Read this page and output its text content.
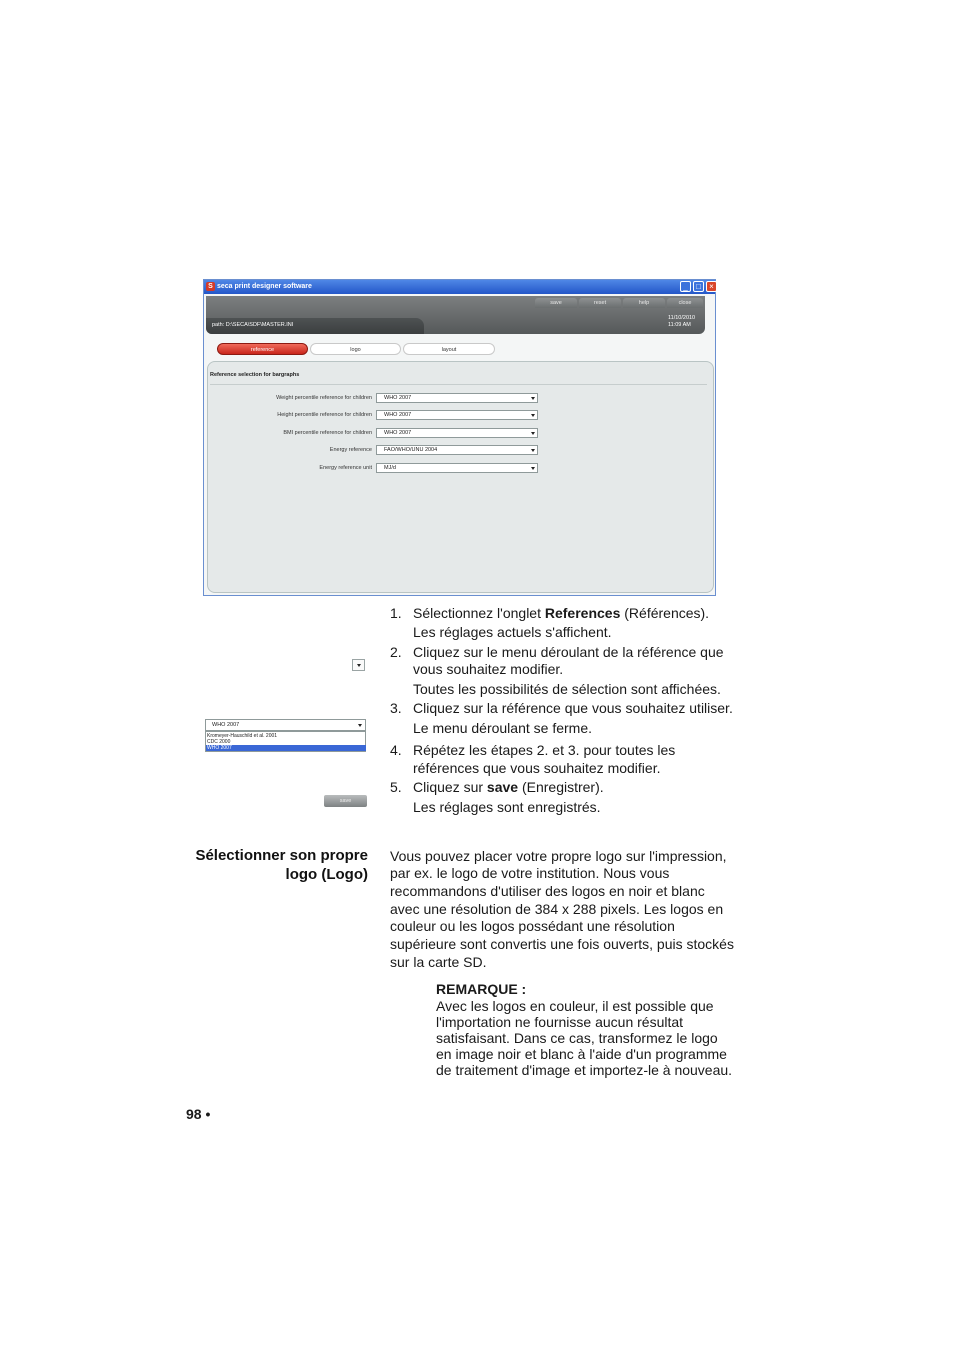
S seca print designer software	_	□	×
save	reset	help	close
path: D:\SECA\SDF\MASTER.INI
11/10/2010
11:09 AM
reference	logo	layout
Reference selection for bargraphs
Weight percentile reference for children	WHO 2007
Height percentile reference for children	WHO 2007
BMI percentile reference for children	WHO 2007
Energy reference	FAO/WHO/UNU 2004
Energy reference unit	MJ/d
WHO 2007
Kromeyer-Hauschild et al. 2001
CDC 2000
WHO 2007
save
1. Sélectionnez l'onglet References (Références).
Les réglages actuels s'affichent.
2. Cliquez sur le menu déroulant de la référence que
vous souhaitez modifier.
Toutes les possibilités de sélection sont affichées.
3. Cliquez sur la référence que vous souhaitez utiliser.
Le menu déroulant se ferme.
4. Répétez les étapes 2. et 3. pour toutes les
références que vous souhaitez modifier.
5. Cliquez sur save (Enregistrer).
Les réglages sont enregistrés.
Sélectionner son propre
logo (Logo)
Vous pouvez placer votre propre logo sur l'impression,
par ex. le logo de votre institution. Nous vous
recommandons d'utiliser des logos en noir et blanc
avec une résolution de 384 x 288 pixels. Les logos en
couleur ou les logos possédant une résolution
supérieure sont convertis une fois ouverts, puis stockés
sur la carte SD.
REMARQUE :
Avec les logos en couleur, il est possible que
l'importation ne fournisse aucun résultat
satisfaisant. Dans ce cas, transformez le logo
en image noir et blanc à l'aide d'un programme
de traitement d'image et importez-le à nouveau.
98 •
